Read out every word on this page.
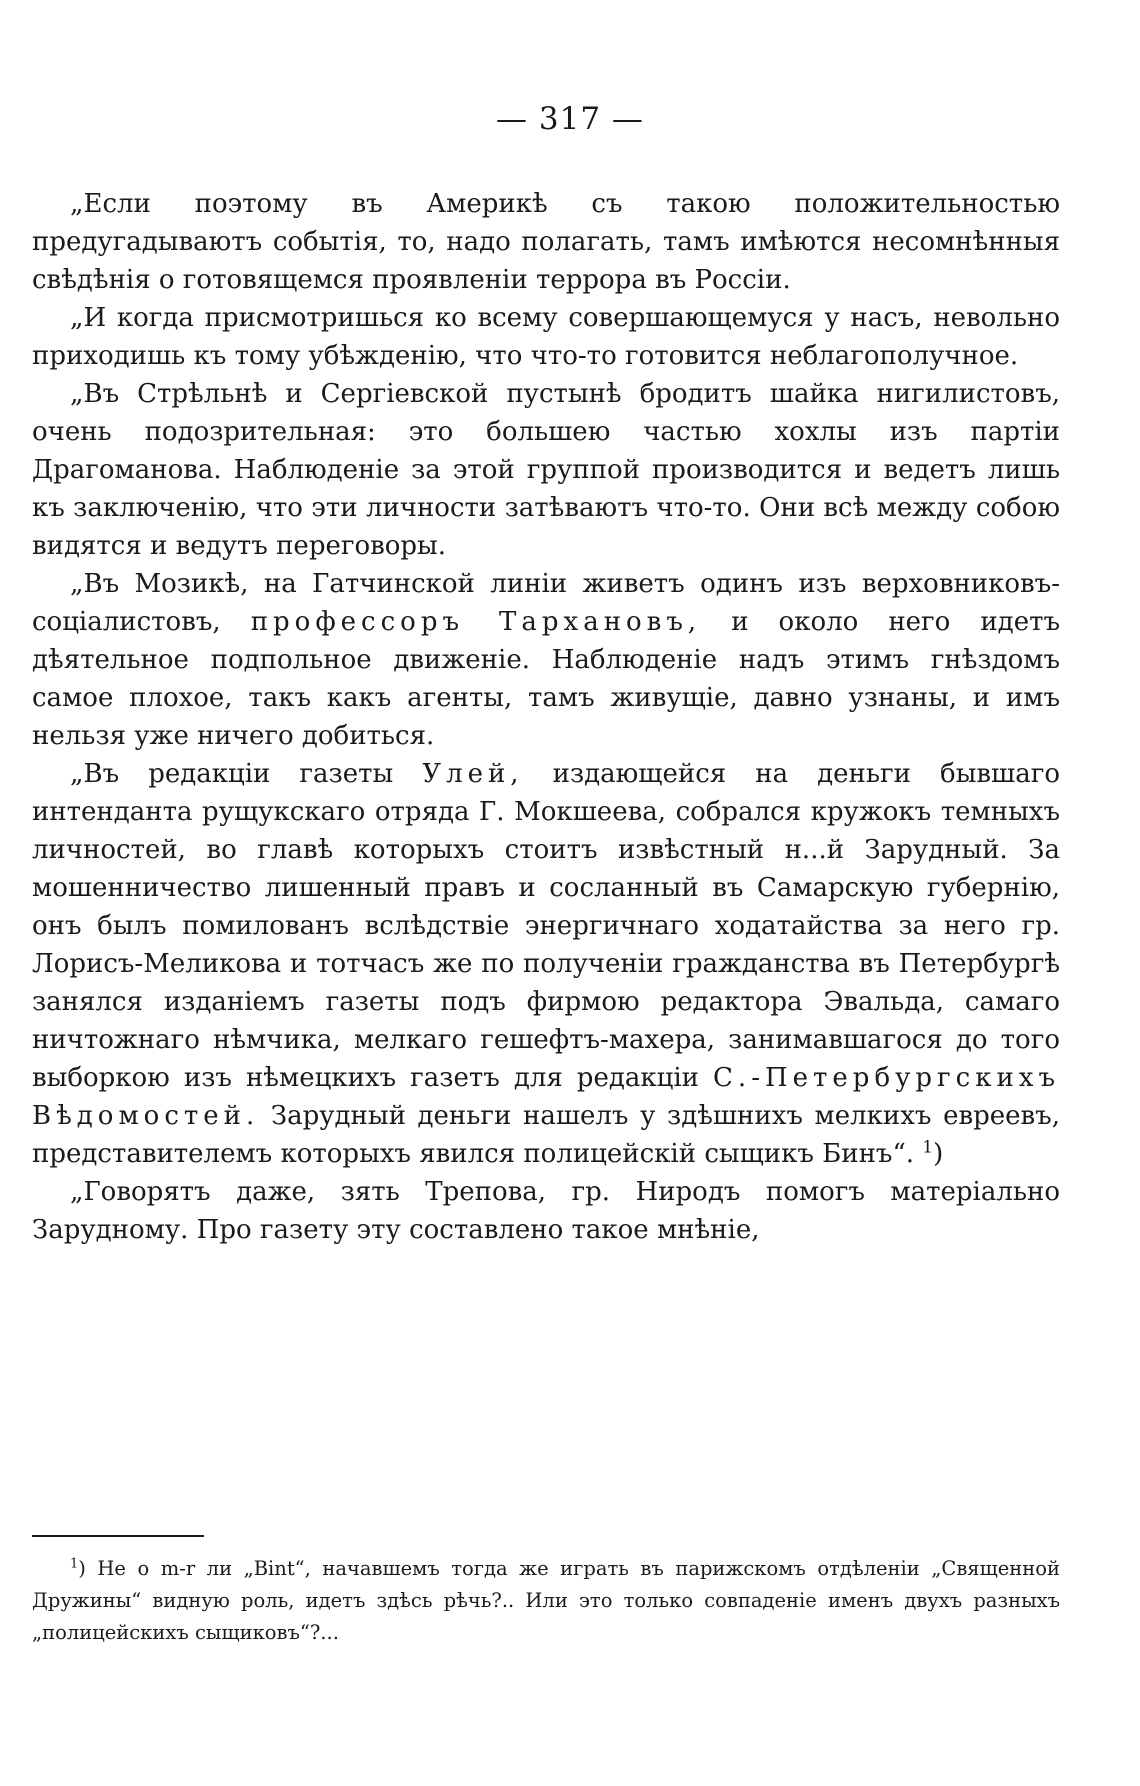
— 317 —

„Если поэтому въ Америкѣ съ такою положительностью предугадываютъ событія, то, надо полагать, тамъ имѣются несомнѣнныя свѣдѣнія о готовящемся проявленіи террора въ Россіи.

„И когда присмотришься ко всему совершающемуся у насъ, невольно приходишь къ тому убѣжденію, что что-то готовится неблагополучное.

„Въ Стрѣльнѣ и Сергіевской пустынѣ бродитъ шайка нигилистовъ, очень подозрительная: это большею частью хохлы изъ партіи Драгоманова. Наблюденіе за этой группой производится и ведетъ лишь къ заключенію, что эти личности затѣваютъ что-то. Они всѣ между собою видятся и ведутъ переговоры.

„Въ Мозикѣ, на Гатчинской линіи живетъ одинъ изъ верховниковъ-соціалистовъ, профессоръ Тархановъ, и около него идетъ дѣятельное подпольное движеніе. Наблюденіе надъ этимъ гнѣздомъ самое плохое, такъ какъ агенты, тамъ живущіе, давно узнаны, и имъ нельзя уже ничего добиться.

„Въ редакціи газеты Улей, издающейся на деньги бывшаго интенданта рущукскаго отряда Г. Мокшеева, собрался кружокъ темныхъ личностей, во главѣ которыхъ стоитъ извѣстный н...й Зарудный. За мошенничество лишенный правъ и сосланный въ Самарскую губернію, онъ былъ помилованъ вслѣдствіе энергичнаго ходатайства за него гр. Лорисъ-Меликова и тотчасъ же по полученіи гражданства въ Петербургѣ занялся изданіемъ газеты подъ фирмою редактора Эвальда, самаго ничтожнаго нѣмчика, мелкаго гешефтъ-махера, занимавшагося до того выборкою изъ нѣмецкихъ газетъ для редакціи С.-Петербургскихъ Вѣдомостей. Зарудный деньги нашелъ у здѣшнихъ мелкихъ евреевъ, представителемъ которыхъ явился полицейскій сыщикъ Бинъ“. $^1$)

„Говорятъ даже, зять Трепова, гр. Ниродъ помогъ матеріально Зарудному. Про газету эту составлено такое мнѣніе,

$^1$) Не о m-r ли „Bint“, начавшемъ тогда же играть въ парижскомъ отдѣленіи „Священной Дружины“ видную роль, идетъ здѣсь рѣчь?.. Или это только совпаденіе именъ двухъ разныхъ „полицейскихъ сыщиковъ“?...
